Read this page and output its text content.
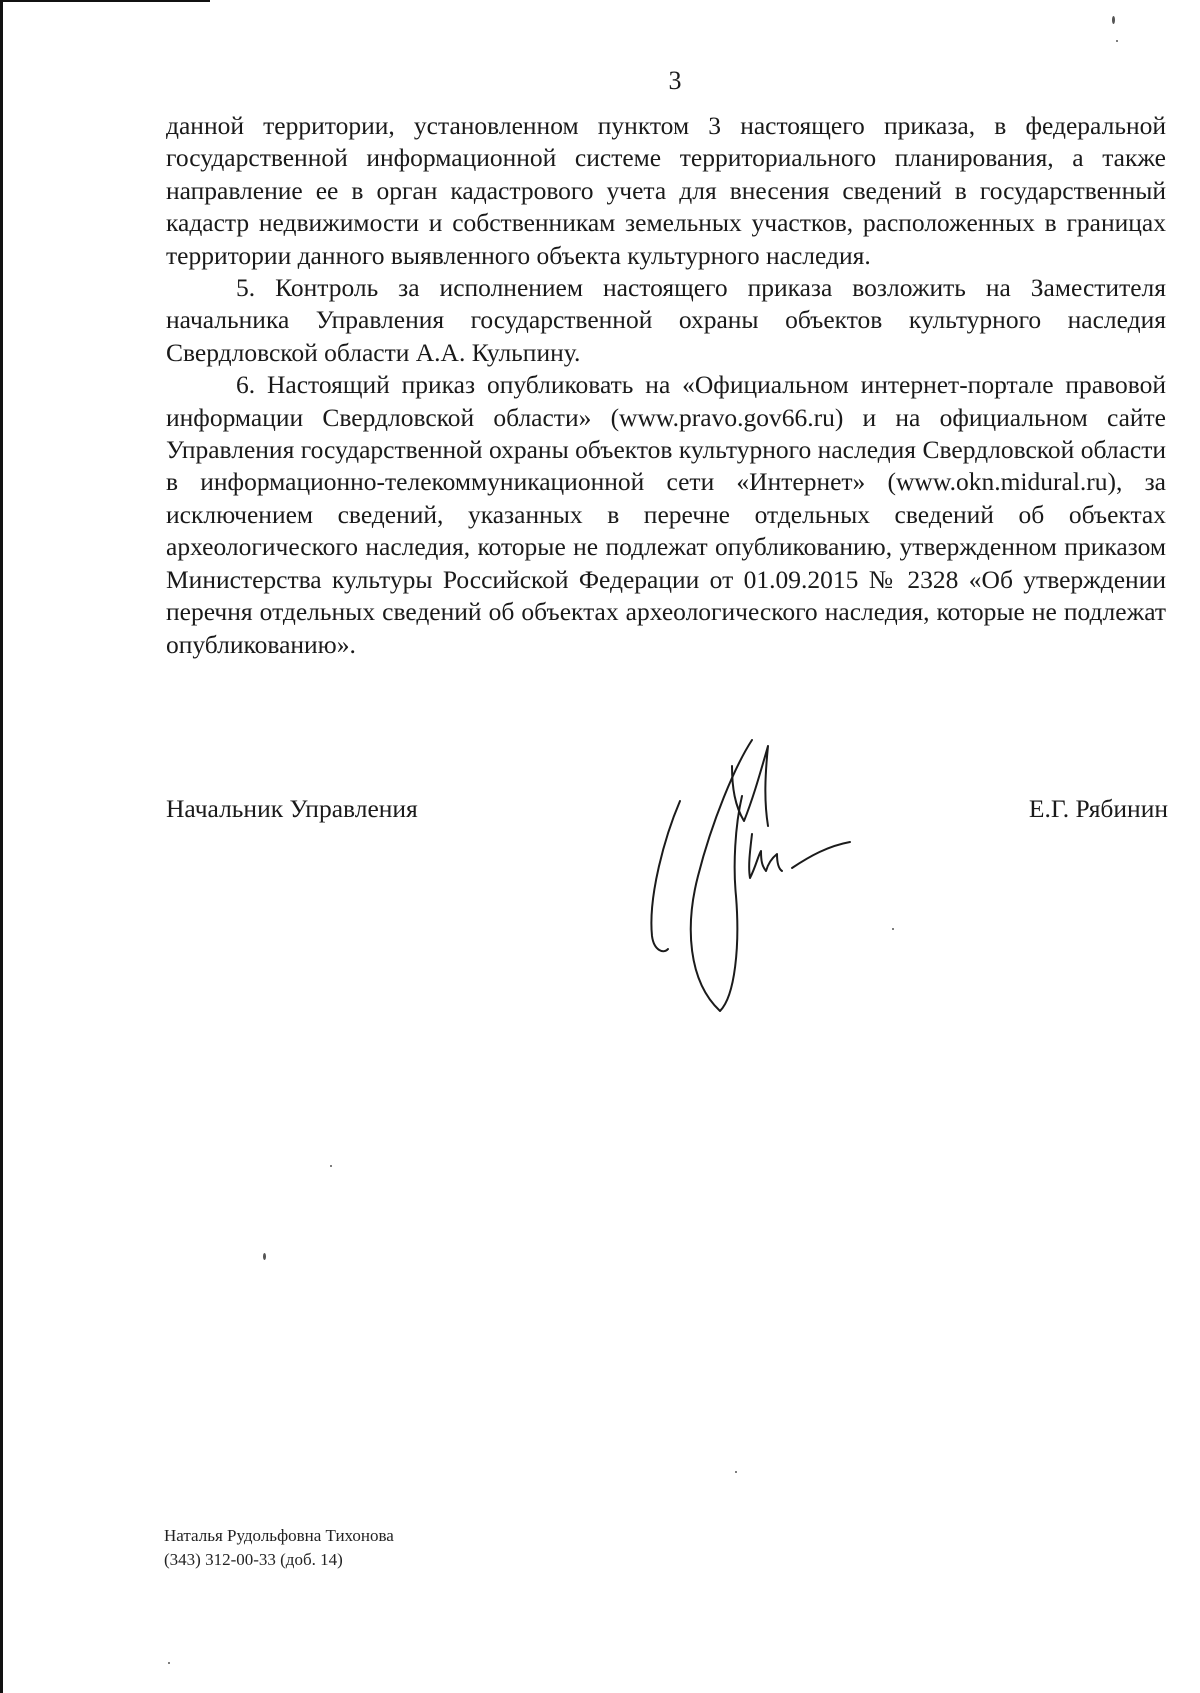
3

данной территории, установленном пунктом 3 настоящего приказа, в федеральной государственной информационной системе территориального планирования, а также направление ее в орган кадастрового учета для внесения сведений в государственный кадастр недвижимости и собственникам земельных участков, расположенных в границах территории данного выявленного объекта культурного наследия.

5. Контроль за исполнением настоящего приказа возложить на Заместителя начальника Управления государственной охраны объектов культурного наследия Свердловской области А.А. Кульпину.

6. Настоящий приказ опубликовать на «Официальном интернет-портале правовой информации Свердловской области» (www.pravo.gov66.ru) и на официальном сайте Управления государственной охраны объектов культурного наследия Свердловской области в информационно-телекоммуникационной сети «Интернет» (www.okn.midural.ru), за исключением сведений, указанных в перечне отдельных сведений об объектах археологического наследия, которые не подлежат опубликованию, утвержденном приказом Министерства культуры Российской Федерации от 01.09.2015 № 2328 «Об утверждении перечня отдельных сведений об объектах археологического наследия, которые не подлежат опубликованию».

Начальник Управления	Е.Г. Рябинин
Наталья Рудольфовна Тихонова
(343) 312-00-33 (доб. 14)
